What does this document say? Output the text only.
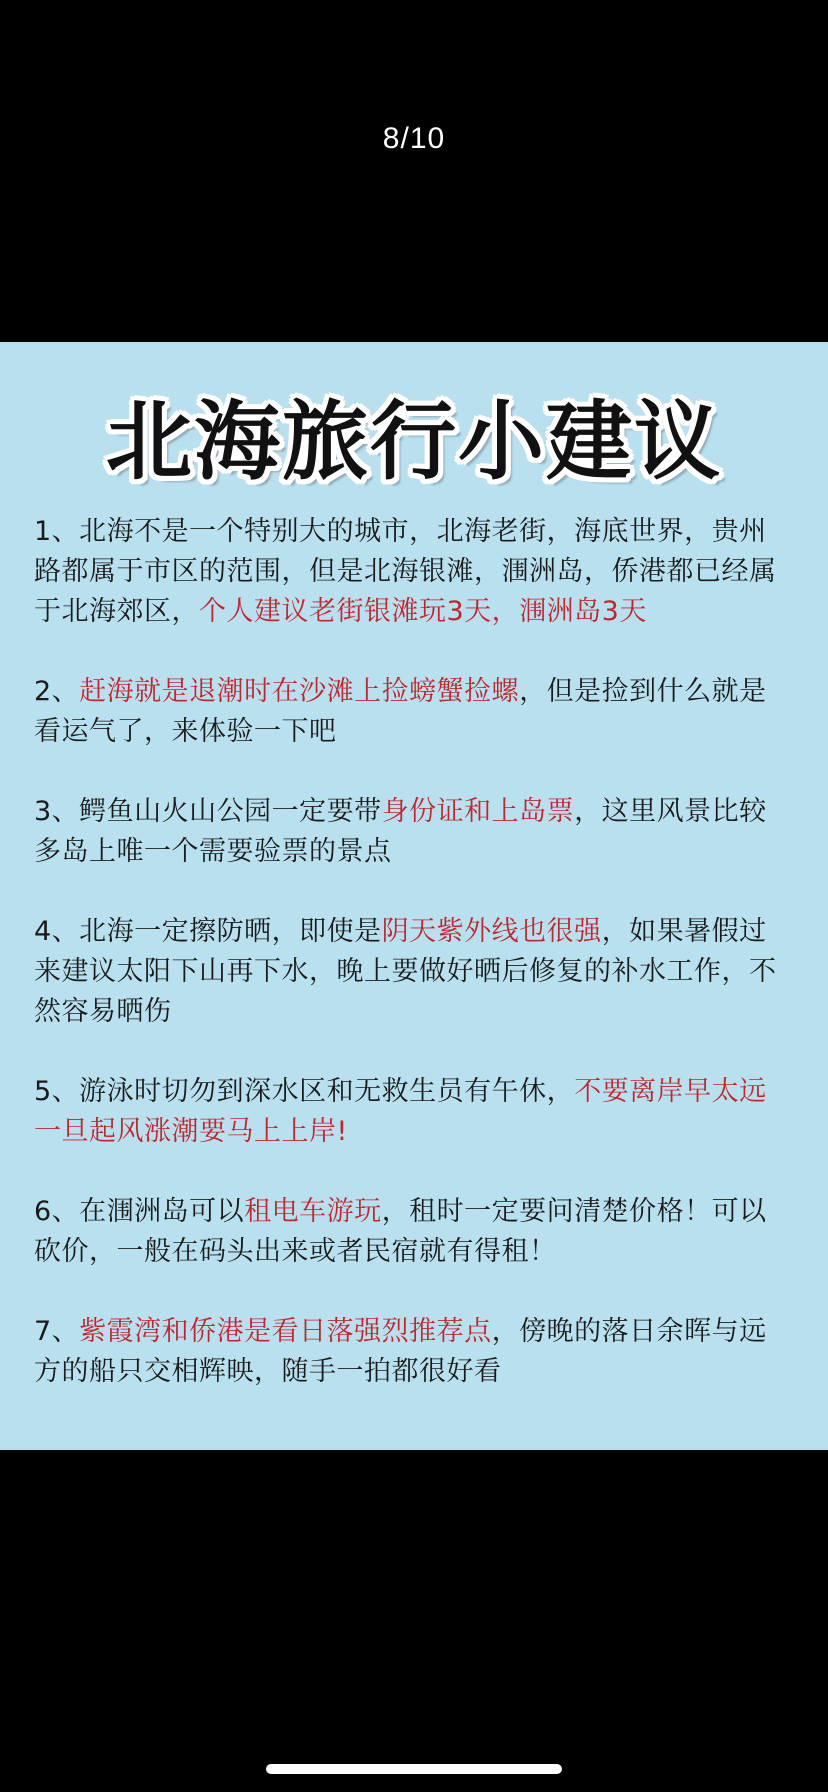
8/10
北海旅行小建议
1、北海不是一个特别大的城市，北海老街，海底世界，贵州路都属于市区的范围，但是北海银滩，涠洲岛，侨港都已经属于北海郊区，个人建议老街银滩玩3天，涠洲岛3天
2、赶海就是退潮时在沙滩上捡螃蟹捡螺，但是捡到什么就是看运气了，来体验一下吧
3、鳄鱼山火山公园一定要带身份证和上岛票，这里风景比较多岛上唯一个需要验票的景点
4、北海一定擦防晒，即使是阴天紫外线也很强，如果暑假过来建议太阳下山再下水，晚上要做好晒后修复的补水工作，不然容易晒伤
5、游泳时切勿到深水区和无救生员有午休，不要离岸早太远一旦起风涨潮要马上上岸!
6、在涠洲岛可以租电车游玩，租时一定要问清楚价格！可以砍价，一般在码头出来或者民宿就有得租！
7、紫霞湾和侨港是看日落强烈推荐点，傍晚的落日余晖与远方的船只交相辉映，随手一拍都很好看
